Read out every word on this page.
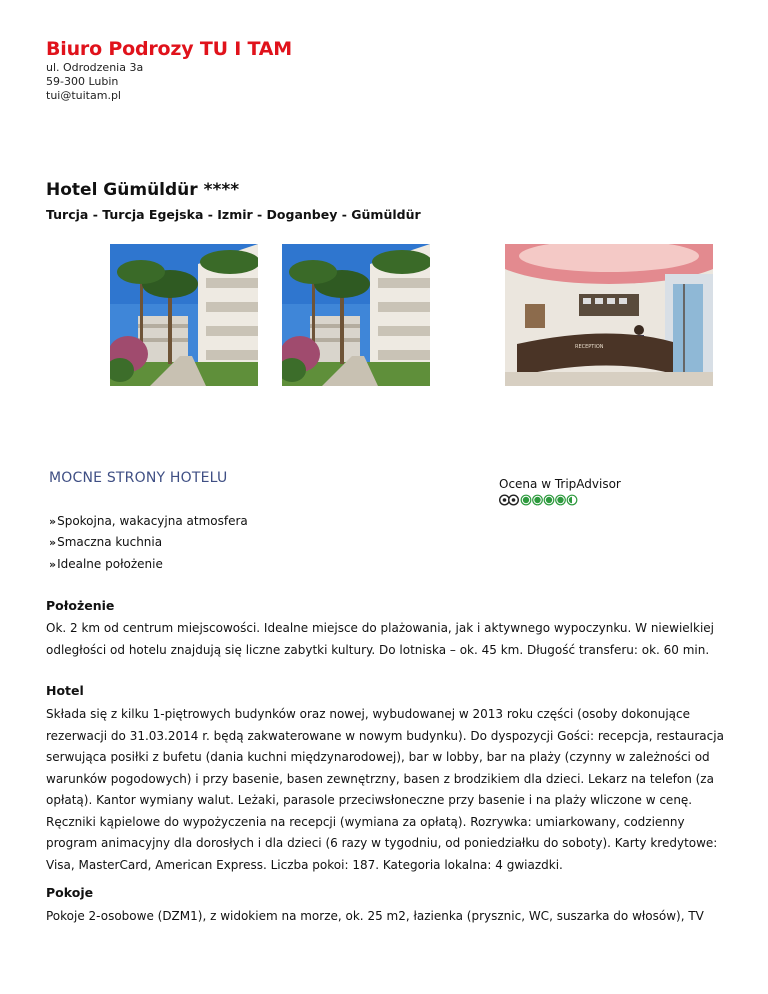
Biuro Podrozy TU I TAM
ul. Odrodzenia 3a
59-300 Lubin
tui@tuitam.pl
Hotel Gümüldür ****
Turcja - Turcja Egejska - Izmir - Doganbey - Gümüldür
RECEPTION
MOCNE STRONY HOTELU
›› Spokojna, wakacyjna atmosfera
›› Smaczna kuchnia
›› Idealne położenie
Ocena w TripAdvisor
Położenie
Ok. 2 km od centrum miejscowości. Idealne miejsce do plażowania, jak i aktywnego wypoczynku. W niewielkiej odległości od hotelu znajdują się liczne zabytki kultury. Do lotniska – ok. 45 km. Długość transferu: ok. 60 min.
Hotel
Składa się z kilku 1-piętrowych budynków oraz nowej, wybudowanej w 2013 roku części (osoby dokonujące rezerwacji do 31.03.2014 r. będą zakwaterowane w nowym budynku). Do dyspozycji Gości: recepcja, restauracja serwująca posiłki z bufetu (dania kuchni międzynarodowej), bar w lobby, bar na plaży (czynny w zależności od warunków pogodowych) i przy basenie, basen zewnętrzny, basen z brodzikiem dla dzieci. Lekarz na telefon (za opłatą). Kantor wymiany walut. Leżaki, parasole przeciwsłoneczne przy basenie i na plaży wliczone w cenę. Ręczniki kąpielowe do wypożyczenia na recepcji (wymiana za opłatą). Rozrywka: umiarkowany, codzienny program animacyjny dla dorosłych i dla dzieci (6 razy w tygodniu, od poniedziałku do soboty). Karty kredytowe: Visa, MasterCard, American Express. Liczba pokoi: 187. Kategoria lokalna: 4 gwiazdki.
Pokoje
Pokoje 2-osobowe (DZM1), z widokiem na morze, ok. 25 m2, łazienka (prysznic, WC, suszarka do włosów), TV
